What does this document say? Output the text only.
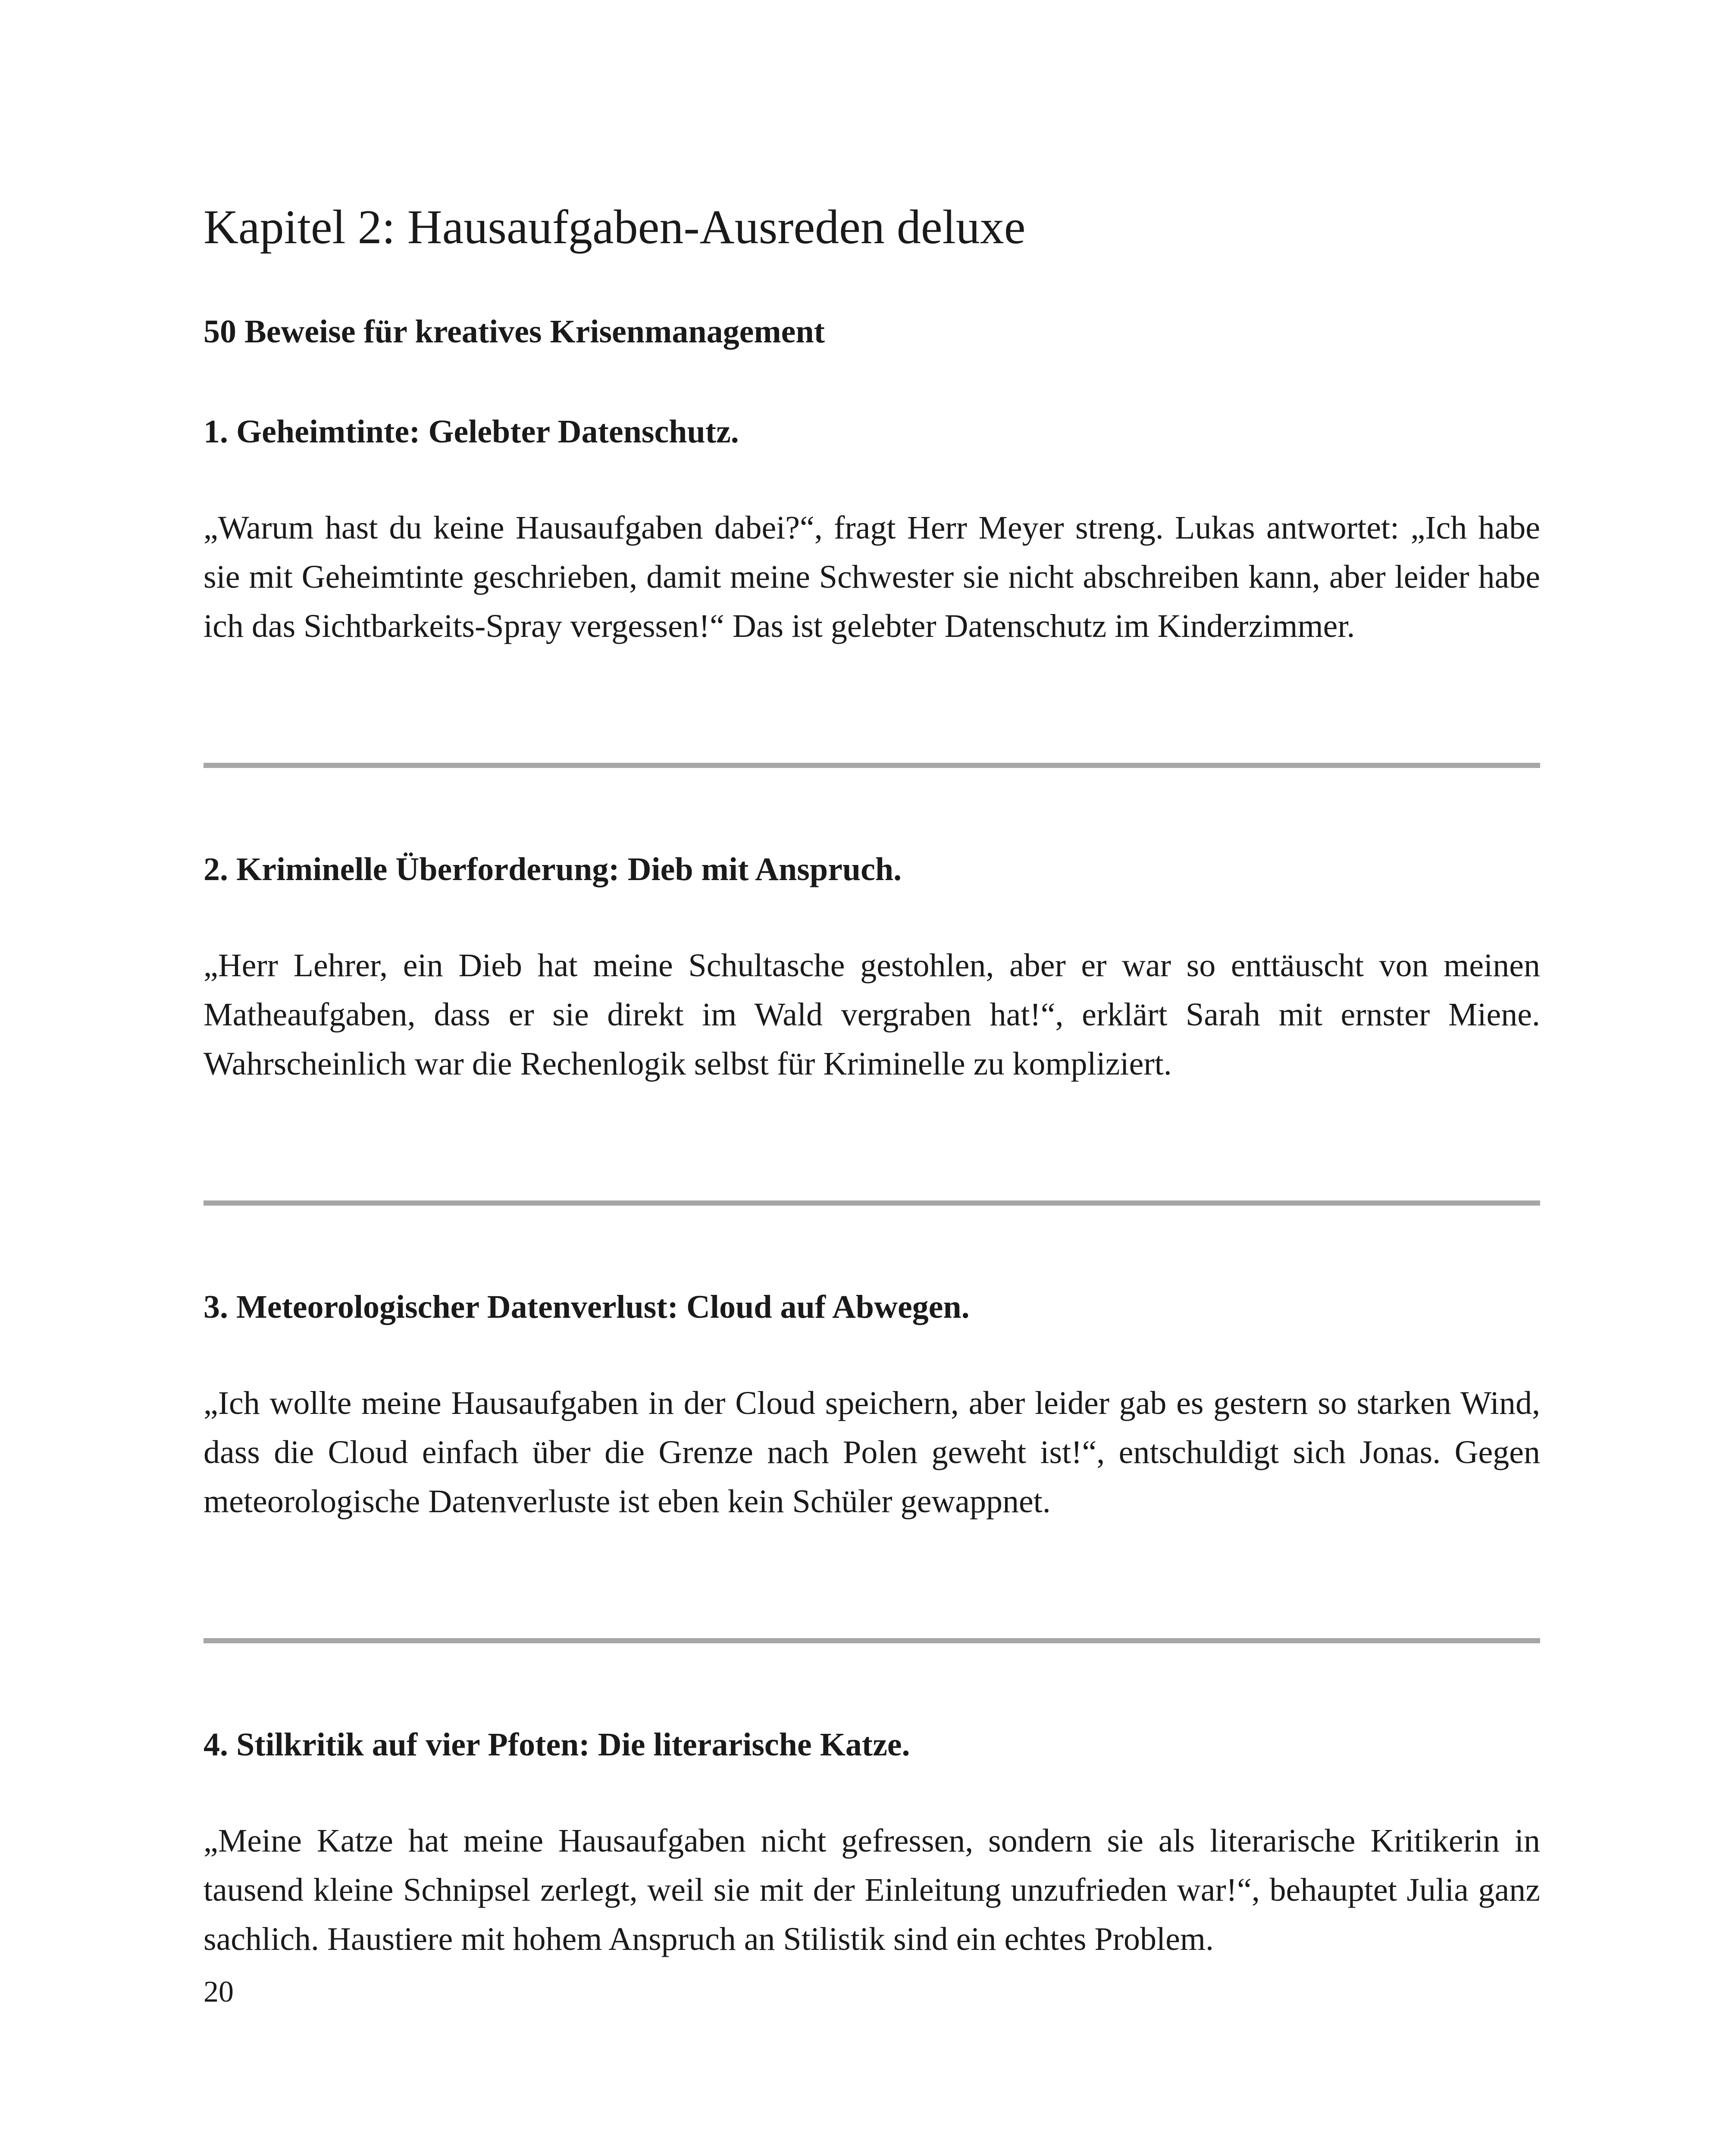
Kapitel 2: Hausaufgaben-Ausreden deluxe
50 Beweise für kreatives Krisenmanagement
1. Geheimtinte: Gelebter Datenschutz.

„Warum hast du keine Hausaufgaben dabei?“, fragt Herr Meyer streng. Lukas antwortet: „Ich habe sie mit Geheimtinte geschrieben, damit meine Schwester sie nicht abschreiben kann, aber leider habe ich das Sichtbarkeits-Spray vergessen!“ Das ist gelebter Datenschutz im Kinderzimmer.

2. Kriminelle Überforderung: Dieb mit Anspruch.

„Herr Lehrer, ein Dieb hat meine Schultasche gestohlen, aber er war so enttäuscht von meinen Matheaufgaben, dass er sie direkt im Wald vergraben hat!“, erklärt Sarah mit ernster Miene. Wahrscheinlich war die Rechenlogik selbst für Kriminelle zu kompliziert.

3. Meteorologischer Datenverlust: Cloud auf Abwegen.

„Ich wollte meine Hausaufgaben in der Cloud speichern, aber leider gab es gestern so starken Wind, dass die Cloud einfach über die Grenze nach Polen geweht ist!“, entschuldigt sich Jonas. Gegen meteorologische Datenverluste ist eben kein Schüler gewappnet.

4. Stilkritik auf vier Pfoten: Die literarische Katze.

„Meine Katze hat meine Hausaufgaben nicht gefressen, sondern sie als literarische Kritikerin in tausend kleine Schnipsel zerlegt, weil sie mit der Einleitung unzufrieden war!“, behauptet Julia ganz sachlich. Haustiere mit hohem Anspruch an Stilistik sind ein echtes Problem.

20
